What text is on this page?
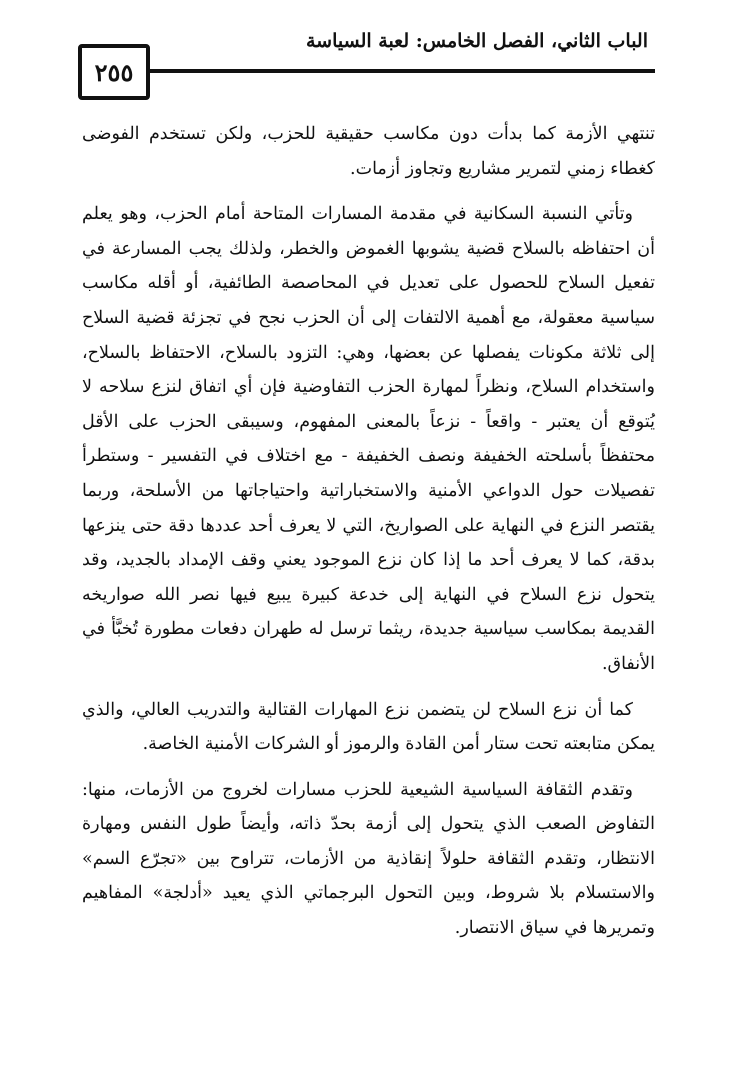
الباب الثاني، الفصل الخامس: لعبة السياسة
٢٥٥

تنتهي الأزمة كما بدأت دون مكاسب حقيقية للحزب، ولكن تستخدم الفوضى كغطاء زمني لتمرير مشاريع وتجاوز أزمات.

وتأتي النسبة السكانية في مقدمة المسارات المتاحة أمام الحزب، وهو يعلم أن احتفاظه بالسلاح قضية يشوبها الغموض والخطر، ولذلك يجب المسارعة في تفعيل السلاح للحصول على تعديل في المحاصصة الطائفية، أو أقله مكاسب سياسية معقولة، مع أهمية الالتفات إلى أن الحزب نجح في تجزئة قضية السلاح إلى ثلاثة مكونات يفصلها عن بعضها، وهي: التزود بالسلاح، الاحتفاظ بالسلاح، واستخدام السلاح، ونظراً لمهارة الحزب التفاوضية فإن أي اتفاق لنزع سلاحه لا يُتوقع أن يعتبر - واقعاً - نزعاً بالمعنى المفهوم، وسيبقى الحزب على الأقل محتفظاً بأسلحته الخفيفة ونصف الخفيفة - مع اختلاف في التفسير - وستطرأ تفصيلات حول الدواعي الأمنية والاستخباراتية واحتياجاتها من الأسلحة، وربما يقتصر النزع في النهاية على الصواريخ، التي لا يعرف أحد عددها دقة حتى ينزعها بدقة، كما لا يعرف أحد ما إذا كان نزع الموجود يعني وقف الإمداد بالجديد، وقد يتحول نزع السلاح في النهاية إلى خدعة كبيرة يبيع فيها نصر الله صواريخه القديمة بمكاسب سياسية جديدة، ريثما ترسل له طهران دفعات مطورة تُخبَّأ في الأنفاق.

كما أن نزع السلاح لن يتضمن نزع المهارات القتالية والتدريب العالي، والذي يمكن متابعته تحت ستار أمن القادة والرموز أو الشركات الأمنية الخاصة.

وتقدم الثقافة السياسية الشيعية للحزب مسارات لخروج من الأزمات، منها: التفاوض الصعب الذي يتحول إلى أزمة بحدّ ذاته، وأيضاً طول النفس ومهارة الانتظار، وتقدم الثقافة حلولاً إنقاذية من الأزمات، تتراوح بين «تجرّع السم» والاستسلام بلا شروط، وبين التحول البرجماتي الذي يعيد «أدلجة» المفاهيم وتمريرها في سياق الانتصار.
